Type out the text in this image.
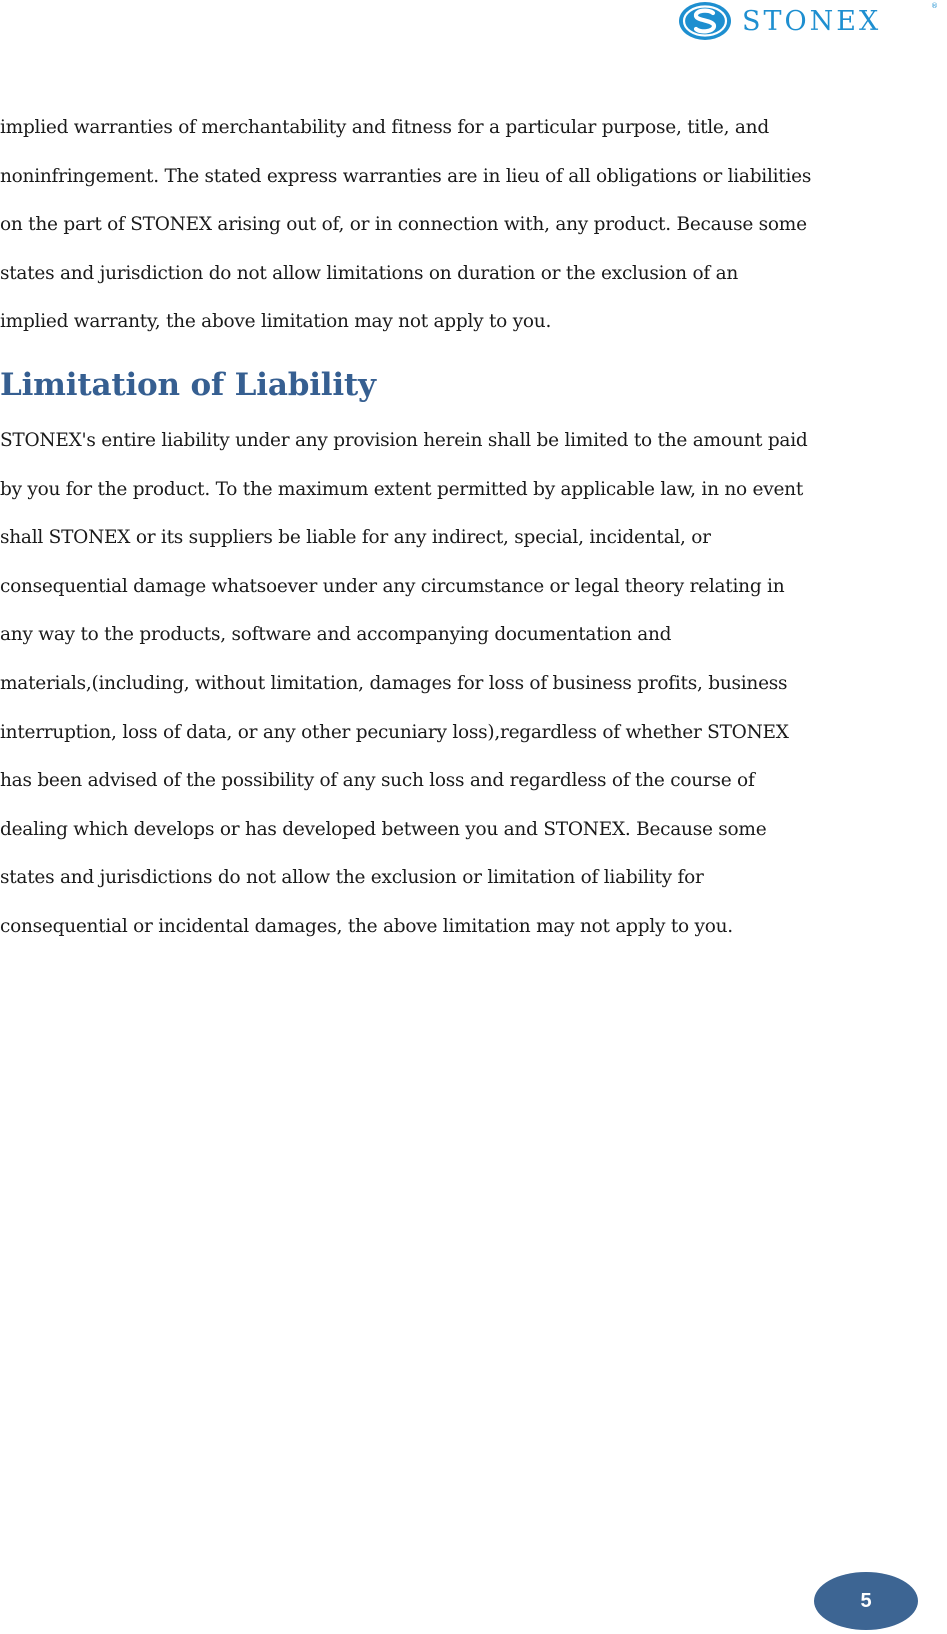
STONEX	®
implied warranties of merchantability and fitness for a particular purpose, title, and
noninfringement. The stated express warranties are in lieu of all obligations or liabilities
on the part of STONEX arising out of, or in connection with, any product. Because some
states and jurisdiction do not allow limitations on duration or the exclusion of an
implied warranty, the above limitation may not apply to you.
Limitation of Liability
STONEX's entire liability under any provision herein shall be limited to the amount paid
by you for the product. To the maximum extent permitted by applicable law, in no event
shall STONEX or its suppliers be liable for any indirect, special, incidental, or
consequential damage whatsoever under any circumstance or legal theory relating in
any way to the products, software and accompanying documentation and
materials,(including, without limitation, damages for loss of business profits, business
interruption, loss of data, or any other pecuniary loss),regardless of whether STONEX
has been advised of the possibility of any such loss and regardless of the course of
dealing which develops or has developed between you and STONEX. Because some
states and jurisdictions do not allow the exclusion or limitation of liability for
consequential or incidental damages, the above limitation may not apply to you.
5
